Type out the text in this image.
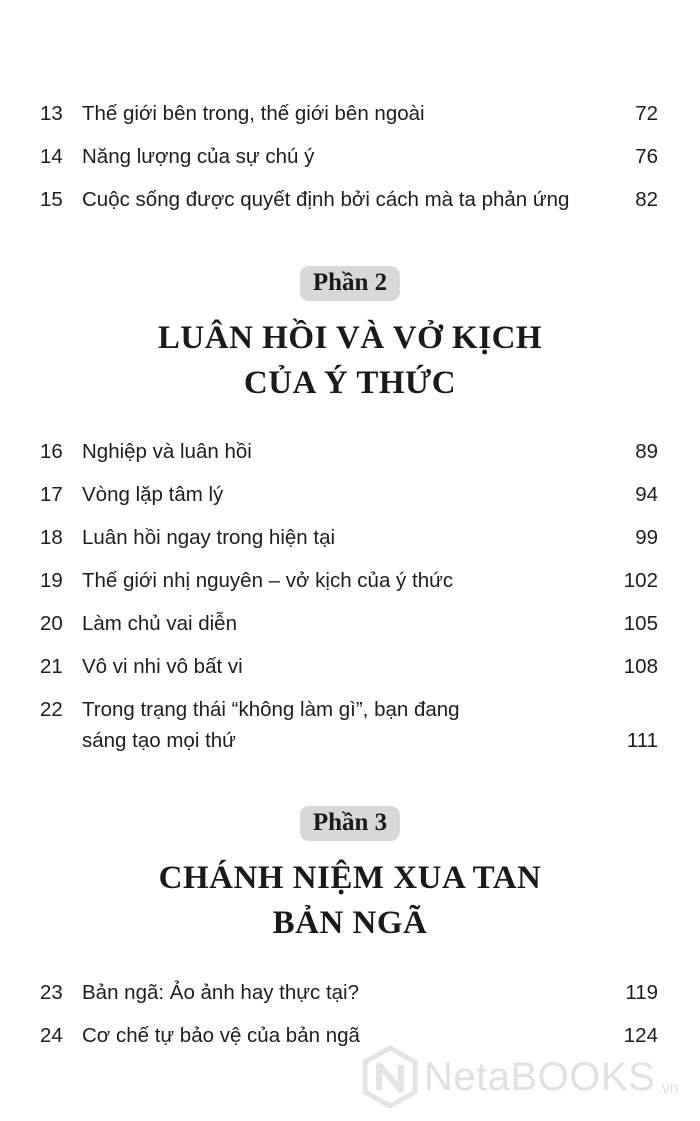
13 Thế giới bên trong, thế giới bên ngoài	72
14 Năng lượng của sự chú ý	76
15 Cuộc sống được quyết định bởi cách mà ta phản ứng	82
Phần 2
LUÂN HỒI VÀ VỞ KỊCH
CỦA Ý THỨC
16 Nghiệp và luân hồi	89
17 Vòng lặp tâm lý	94
18 Luân hồi ngay trong hiện tại	99
19 Thế giới nhị nguyên – vở kịch của ý thức	102
20 Làm chủ vai diễn	105
21 Vô vi nhi vô bất vi	108
22 Trong trạng thái “không làm gì”, bạn đang
sáng tạo mọi thứ	111
Phần 3
CHÁNH NIỆM XUA TAN
BẢN NGÃ
23 Bản ngã: Ảo ảnh hay thực tại?	119
24 Cơ chế tự bảo vệ của bản ngã	124
NetaBOOKS .vn
